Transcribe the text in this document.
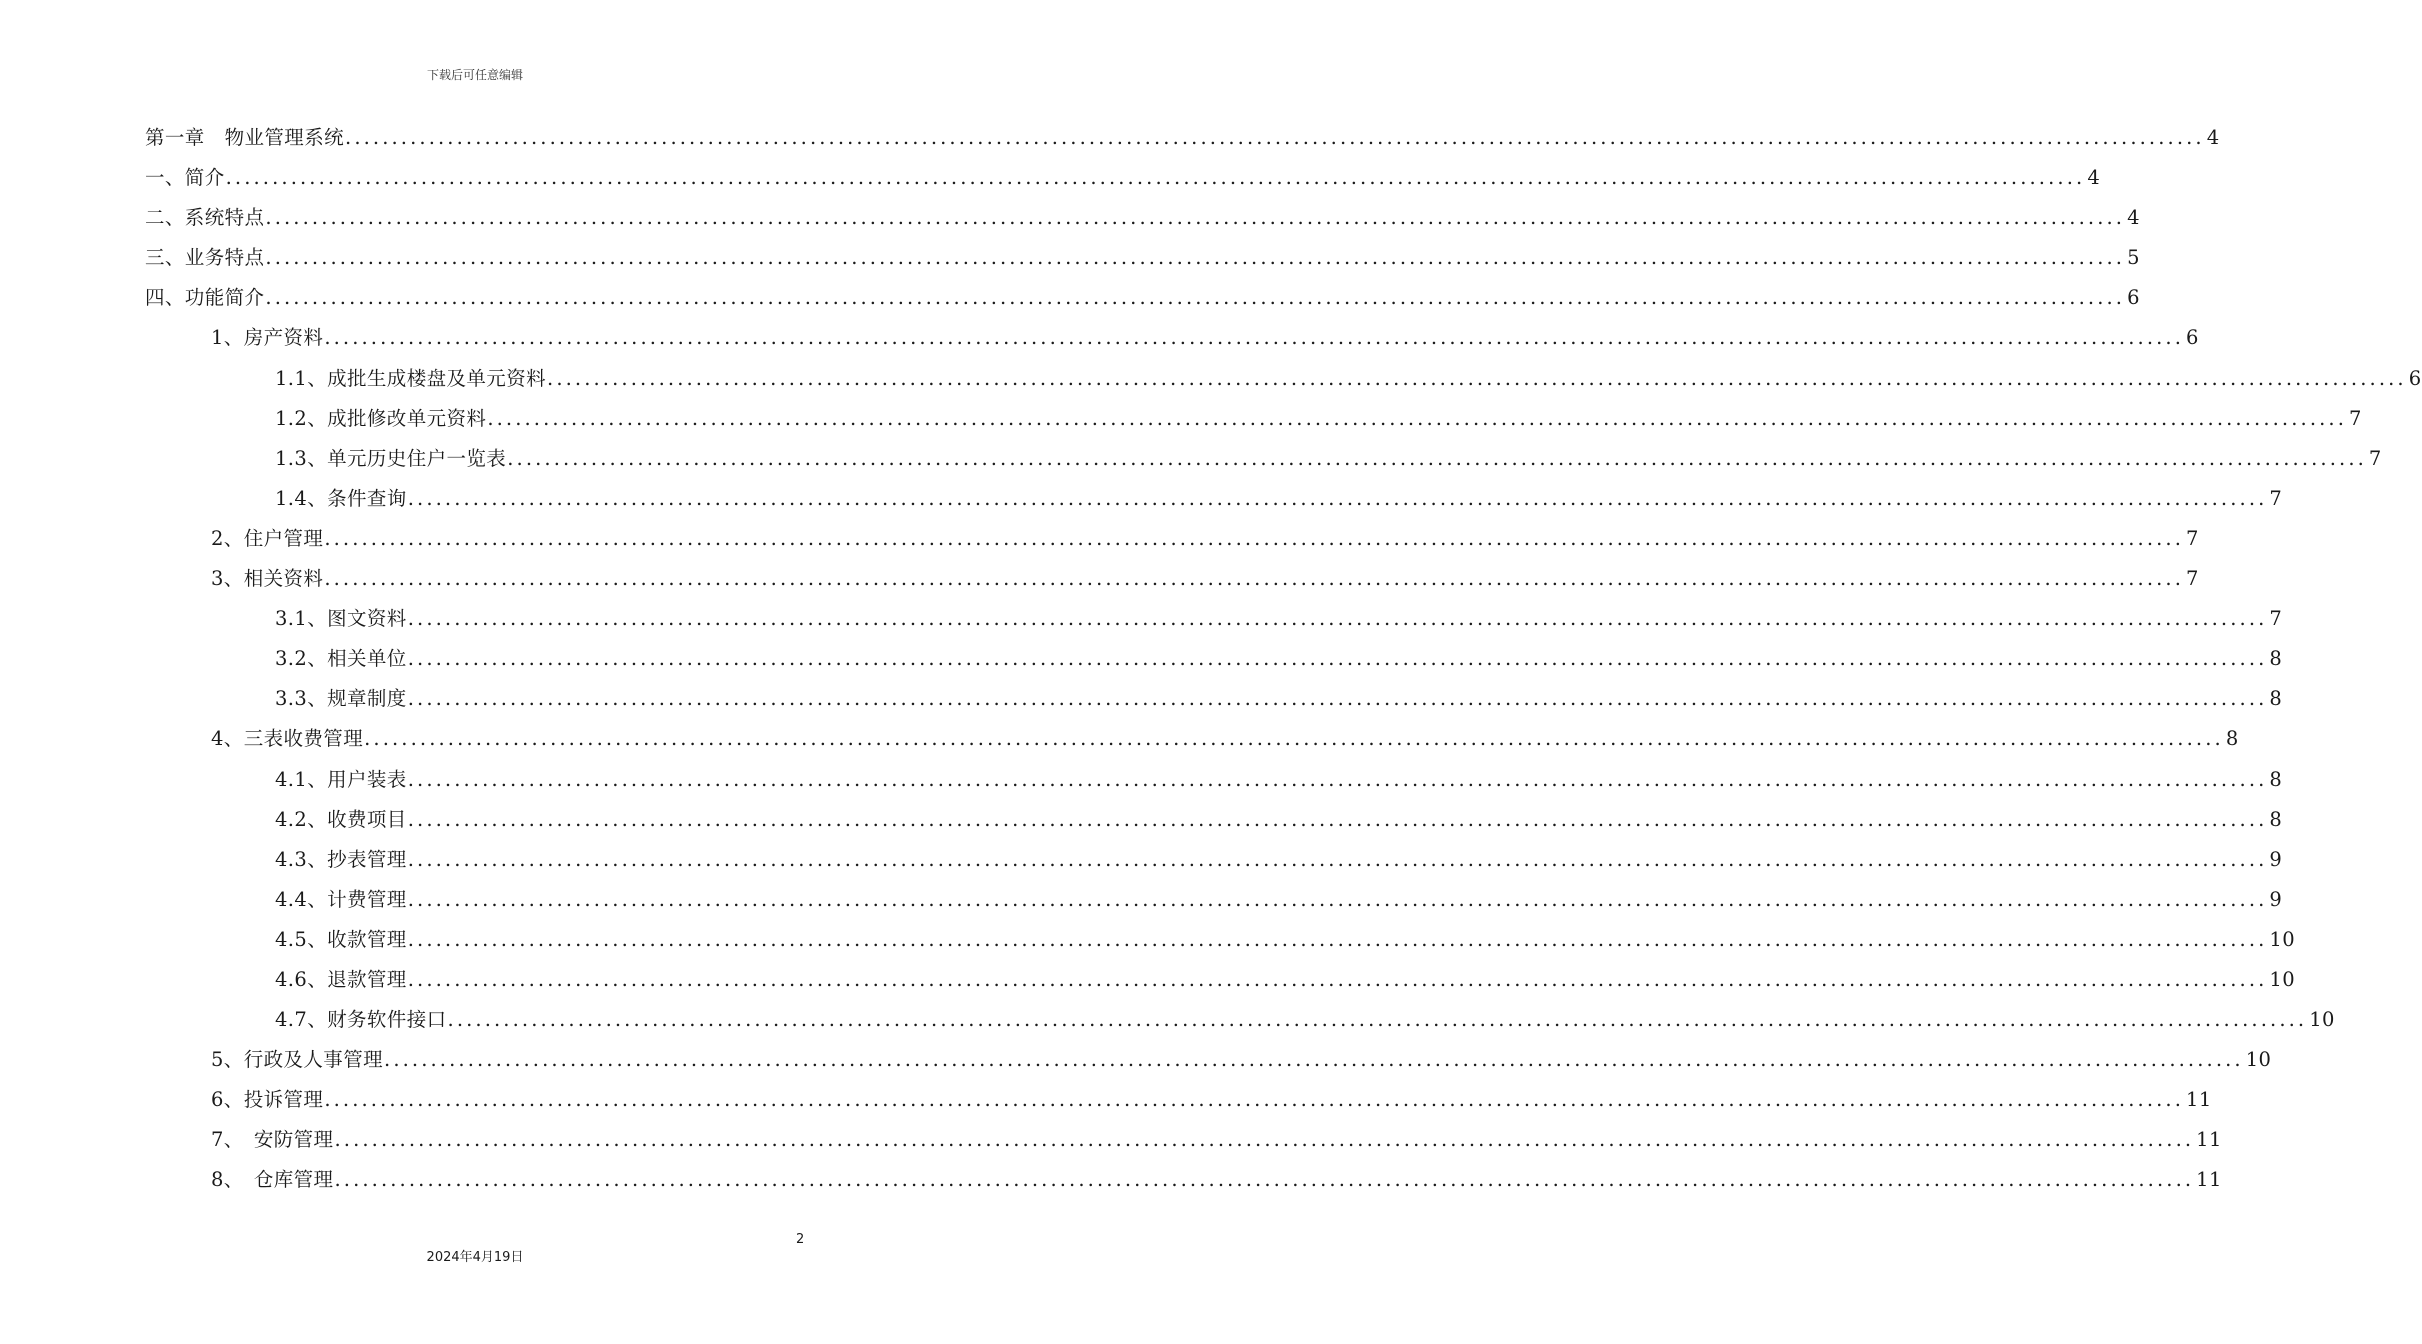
下载后可任意编辑
第一章　物业管理系统 ........................................................................................................................................................................................................ 4
一、简介 ........................................................................................................................................................................................................ 4
二、系统特点 ........................................................................................................................................................................................................ 4
三、业务特点 ........................................................................................................................................................................................................ 5
四、功能简介 ........................................................................................................................................................................................................ 6
1、房产资料 ........................................................................................................................................................................................................ 6
1.1、成批生成楼盘及单元资料 ........................................................................................................................................................................................................ 6
1.2、成批修改单元资料 ........................................................................................................................................................................................................ 7
1.3、单元历史住户一览表 ........................................................................................................................................................................................................ 7
1.4、条件查询 ........................................................................................................................................................................................................ 7
2、住户管理 ........................................................................................................................................................................................................ 7
3、相关资料 ........................................................................................................................................................................................................ 7
3.1、图文资料 ........................................................................................................................................................................................................ 7
3.2、相关单位 ........................................................................................................................................................................................................ 8
3.3、规章制度 ........................................................................................................................................................................................................ 8
4、三表收费管理 ........................................................................................................................................................................................................ 8
4.1、用户装表 ........................................................................................................................................................................................................ 8
4.2、收费项目 ........................................................................................................................................................................................................ 8
4.3、抄表管理 ........................................................................................................................................................................................................ 9
4.4、计费管理 ........................................................................................................................................................................................................ 9
4.5、收款管理 ........................................................................................................................................................................................................ 10
4.6、退款管理 ........................................................................................................................................................................................................ 10
4.7、财务软件接口 ........................................................................................................................................................................................................ 10
5、行政及人事管理 ........................................................................................................................................................................................................ 10
6、投诉管理 ........................................................................................................................................................................................................ 11
7、　安防管理 ........................................................................................................................................................................................................ 11
8、　仓库管理 ........................................................................................................................................................................................................ 11
2
2024年4月19日
